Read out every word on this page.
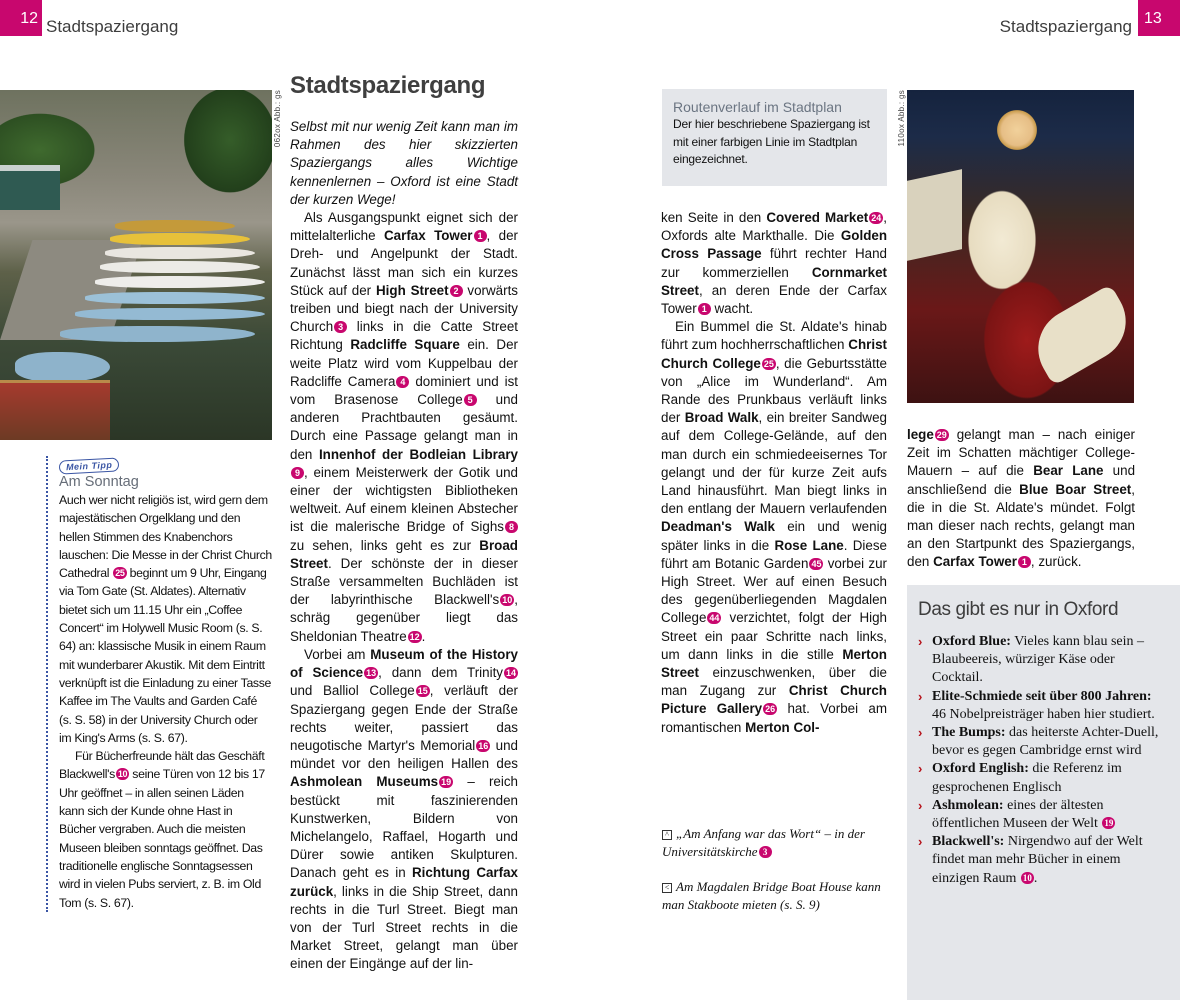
12 Stadtspaziergang	Stadtspaziergang 13
062ox Abb.: gs
Mein Tipp
Am Sonntag

Auch wer nicht religiös ist, wird gern dem majestätischen Orgelklang und den hellen Stimmen des Knabenchors lauschen: Die Messe in der Christ Church Cathedral 25 beginnt um 9 Uhr, Eingang via Tom Gate (St. Aldates). Alternativ bietet sich um 11.15 Uhr ein „Coffee Concert“ im Holywell Music Room (s. S. 64) an: klassische Musik in einem Raum mit wunderbarer Akustik. Mit dem Eintritt verknüpft ist die Einladung zu einer Tasse Kaffee im The Vaults and Garden Café (s. S. 58) in der University Church oder im King's Arms (s. S. 67).

Für Bücherfreunde hält das Geschäft Blackwell's 10 seine Türen von 12 bis 17 Uhr geöffnet – in allen seinen Läden kann sich der Kunde ohne Hast in Bücher vergraben. Auch die meisten Museen bleiben sonntags geöffnet. Das traditionelle englische Sonntagsessen wird in vielen Pubs serviert, z. B. im Old Tom (s. S. 67).

Stadtspaziergang

Selbst mit nur wenig Zeit kann man im Rahmen des hier skizzierten Spaziergangs alles Wichtige kennenlernen – Oxford ist eine Stadt der kurzen Wege!

Als Ausgangspunkt eignet sich der mittelalterliche Carfax Tower 1 , der Dreh- und Angelpunkt der Stadt. Zunächst lässt man sich ein kurzes Stück auf der High Street 2 vorwärts treiben und biegt nach der University Church 3 links in die Catte Street Richtung Radcliffe Square ein. Der weite Platz wird vom Kuppelbau der Radcliffe Camera 4 dominiert und ist vom Brasenose College 5 und anderen Prachtbauten gesäumt. Durch eine Passage gelangt man in den Innenhof der Bodleian Library9 , einem Meisterwerk der Gotik und einer der wichtigsten Bibliotheken weltweit. Auf einem kleinen Abstecher ist die malerische Bridge of Sighs 8 zu sehen, links geht es zur Broad Street. Der schönste der in dieser Straße versammelten Buchläden ist der labyrinthische Blackwell's 10 , schräg gegenüber liegt das Sheldonian Theatre 12 .

Vorbei am Museum of the History of Science 13 , dann dem Trinity 14 und Balliol College 15 , verläuft der Spaziergang gegen Ende der Straße rechts weiter, passiert das neugotische Martyr's Memorial 16 und mündet vor den heiligen Hallen des Ashmolean Museums 19 – reich bestückt mit faszinierenden Kunstwerken, Bildern von Michelangelo, Raffael, Hogarth und Dürer sowie antiken Skulpturen. Danach geht es in Richtung Carfax zurück, links in die Ship Street, dann rechts in die Turl Street. Biegt man von der Turl Street rechts in die Market Street, gelangt man über einen der Eingänge auf der lin-

Routenverlauf im Stadtplan
Der hier beschriebene Spaziergang ist mit einer farbigen Linie im Stadtplan eingezeichnet.

ken Seite in den Covered Market 24 , Oxfords alte Markthalle. Die Golden Cross Passage führt rechter Hand zur kommerziellen Cornmarket Street, an deren Ende der Carfax Tower 1 wacht.

Ein Bummel die St. Aldate's hinab führt zum hochherrschaftlichen Christ Church College 25 , die Geburtsstätte von „Alice im Wunderland“. Am Rande des Prunkbaus verläuft links der Broad Walk, ein breiter Sandweg auf dem College-Gelände, auf den man durch ein schmiedeeisernes Tor gelangt und der für kurze Zeit aufs Land hinausführt. Man biegt links in den entlang der Mauern verlaufenden Deadman's Walk ein und wenig später links in die Rose Lane. Diese führt am Botanic Garden 45 vorbei zur High Street. Wer auf einen Besuch des gegenüberliegenden Magdalen College 44 verzichtet, folgt der High Street ein paar Schritte nach links, um dann links in die stille Merton Street einzuschwenken, über die man Zugang zur Christ Church Picture Gallery 26 hat. Vorbei am romantischen Merton Col-

^ „Am Anfang war das Wort“ – in der Universitätskirche 3
< Am Magdalen Bridge Boat House kann man Stakboote mieten (s. S. 9)
110ox Abb.: gs

lege 29 gelangt man – nach einiger Zeit im Schatten mächtiger College-Mauern – auf die Bear Lane und anschließend die Blue Boar Street, die in die St. Aldate's mündet. Folgt man dieser nach rechts, gelangt man an den Startpunkt des Spaziergangs, den Carfax Tower 1 , zurück.

Das gibt es nur in Oxford
› Oxford Blue: Vieles kann blau sein – Blaubeereis, würziger Käse oder Cocktail.
› Elite-Schmiede seit über 800 Jahren: 46 Nobelpreisträger haben hier studiert.
› The Bumps: das heiterste Achter-Duell, bevor es gegen Cambridge ernst wird
› Oxford English: die Referenz im gesprochenen Englisch
› Ashmolean: eines der ältesten öffentlichen Museen der Welt 19
› Blackwell's: Nirgendwo auf der Welt findet man mehr Bücher in einem einzigen Raum 10 .
